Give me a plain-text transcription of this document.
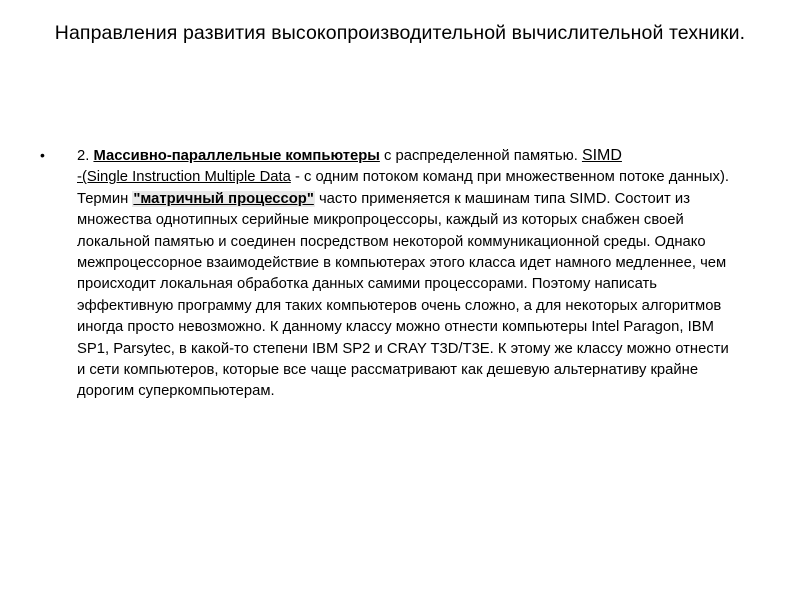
Направления развития высокопроизводительной вычислительной техники.
• 2. Массивно-параллельные компьютеры с распределенной памятью. SIMD
-(Single Instruction Multiple Data - с одним потоком команд при множественном потоке данных). Термин "матричный процессор" часто применяется к машинам типа SIMD. Состоит из множества однотипных серийные микропроцессоры, каждый из которых снабжен своей локальной памятью и соединен посредством некоторой коммуникационной среды. Однако межпроцессорное взаимодействие в компьютерах этого класса идет намного медленнее, чем происходит локальная обработка данных самими процессорами. Поэтому написать эффективную программу для таких компьютеров очень сложно, а для некоторых алгоритмов иногда просто невозможно. К данному классу можно отнести компьютеры Intel Paragon, IBM SP1, Parsytec, в какой-то степени IBM SP2 и CRAY T3D/T3E. К этому же классу можно отнести и сети компьютеров, которые все чаще рассматривают как дешевую альтернативу крайне дорогим суперкомпьютерам.
